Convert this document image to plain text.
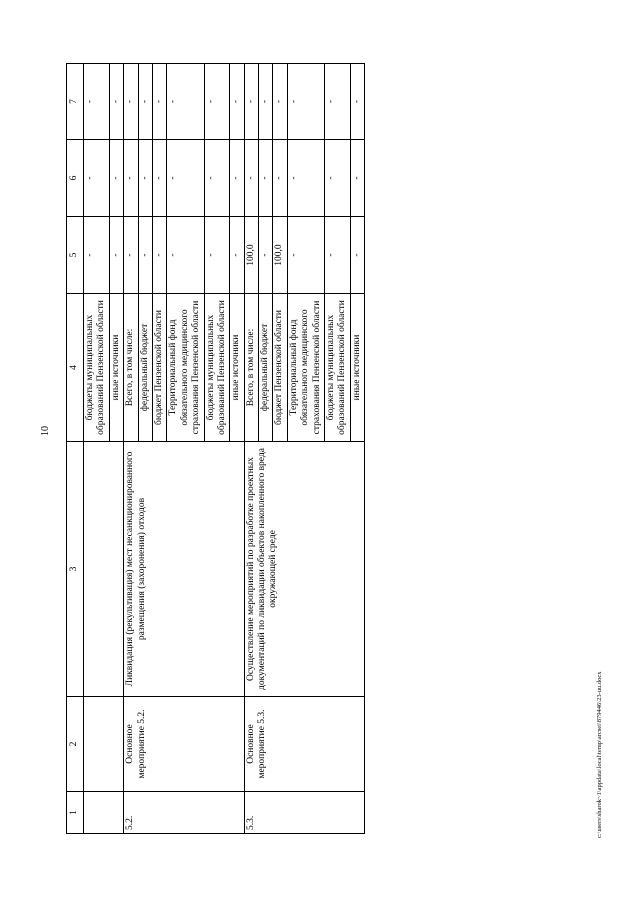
10
1	2	3	4	5	6	7
			бюджеты муниципальных образований Пензенской области	-	-	-
			иные источники	-	-	-
5.2.	Основное мероприятие 5.2.	Ликвидация (рекультивация) мест несанкционированного размещения (захоронения) отходов	Всего, в том числе:	-	-	-
			федеральный бюджет	-	-	-
			бюджет Пензенской области	-	-	-
			Территориальный фонд обязательного медицинского страхования Пензенской области	-	-	-
			бюджеты муниципальных образований Пензенской области	-	-	-
			иные источники	-	-	-
5.3.	Основное мероприятие 5.3.	Осуществление мероприятий по разработке проектных документаций по ликвидации объектов накопленного вреда окружающей среде	Всего, в том числе:	100,0	-	-
			федеральный бюджет	-	-	-
			бюджет Пензенской области	100,0	-	-
			Территориальный фонд обязательного медицинского страхования Пензенской области	-	-	-
			бюджеты муниципальных образований Пензенской области	-	-	-
			иные источники	-	-	-
c:\users\sharok~1\appdata\local\temp\arcsei\879446\23-uu.docx
